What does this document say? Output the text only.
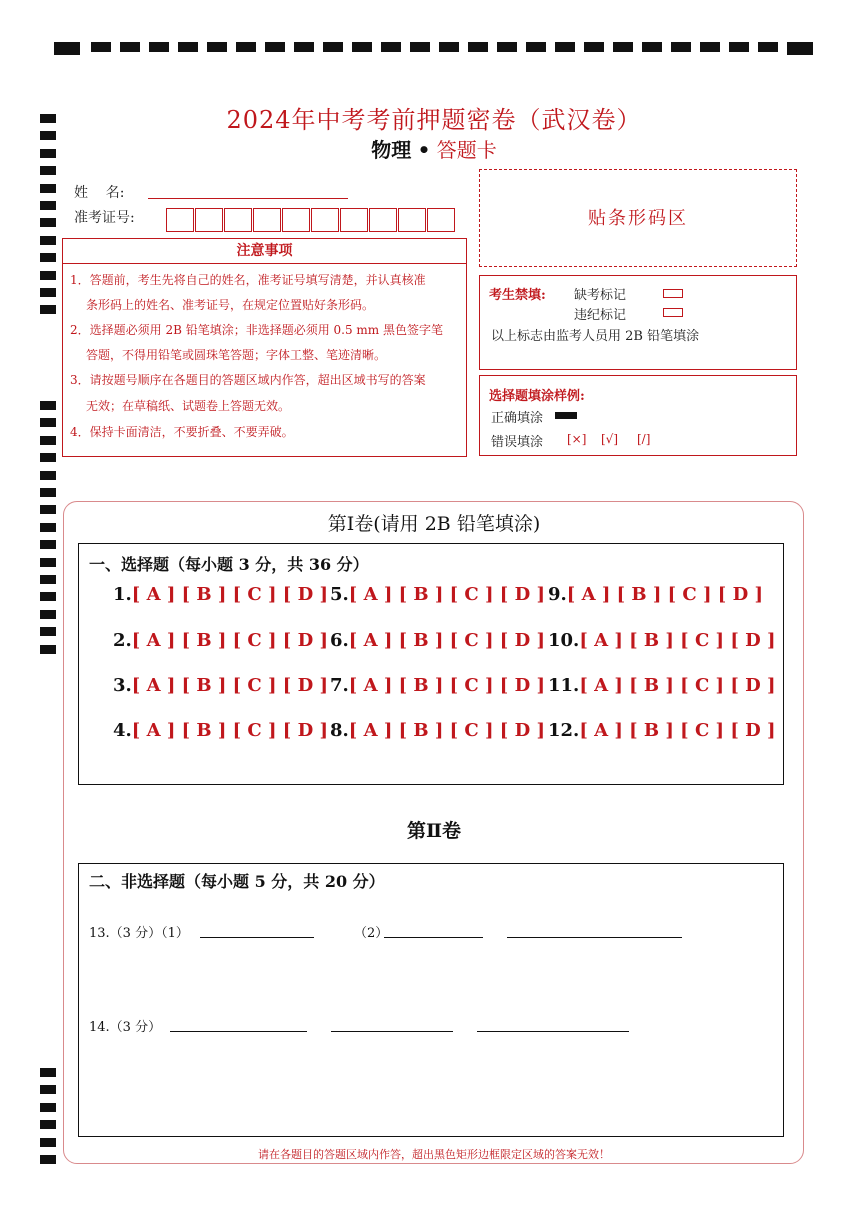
2024年中考考前押题密卷（武汉卷）
物理 • 答题卡
姓    名:
准考证号:	贴条形码区
注意事项
1．答题前，考生先将自己的姓名，准考证号填写清楚，并认真核准
条形码上的姓名、准考证号，在规定位置贴好条形码。
2．选择题必须用 2B 铅笔填涂；非选择题必须用 0.5 mm 黑色签字笔
答题，不得用铅笔或圆珠笔答题；字体工整、笔迹清晰。
3．请按题号顺序在各题目的答题区域内作答，超出区域书写的答案
无效；在草稿纸、试题卷上答题无效。
4．保持卡面清洁，不要折叠、不要弄破。
考生禁填: 缺考标记
违纪标记
以上标志由监考人员用 2B 铅笔填涂
选择题填涂样例:
正确填涂
错误填涂 [×] [√] [/]
第Ⅰ卷(请用 2B 铅笔填涂)
一、选择题（每小题 3 分，共 36 分）
1.[ A ] [ B ] [ C ] [ D ]
2.[ A ] [ B ] [ C ] [ D ]
3.[ A ] [ B ] [ C ] [ D ]
4.[ A ] [ B ] [ C ] [ D ]
5.[ A ] [ B ] [ C ] [ D ]
6.[ A ] [ B ] [ C ] [ D ]
7.[ A ] [ B ] [ C ] [ D ]
8.[ A ] [ B ] [ C ] [ D ]
9.[ A ] [ B ] [ C ] [ D ]
10.[ A ] [ B ] [ C ] [ D ]
11.[ A ] [ B ] [ C ] [ D ]
12.[ A ] [ B ] [ C ] [ D ]
第Ⅱ卷
二、非选择题（每小题 5 分，共 20 分）
13.（3 分）（1）	（2）
14.（3 分）
请在各题目的答题区域内作答，超出黑色矩形边框限定区域的答案无效！
